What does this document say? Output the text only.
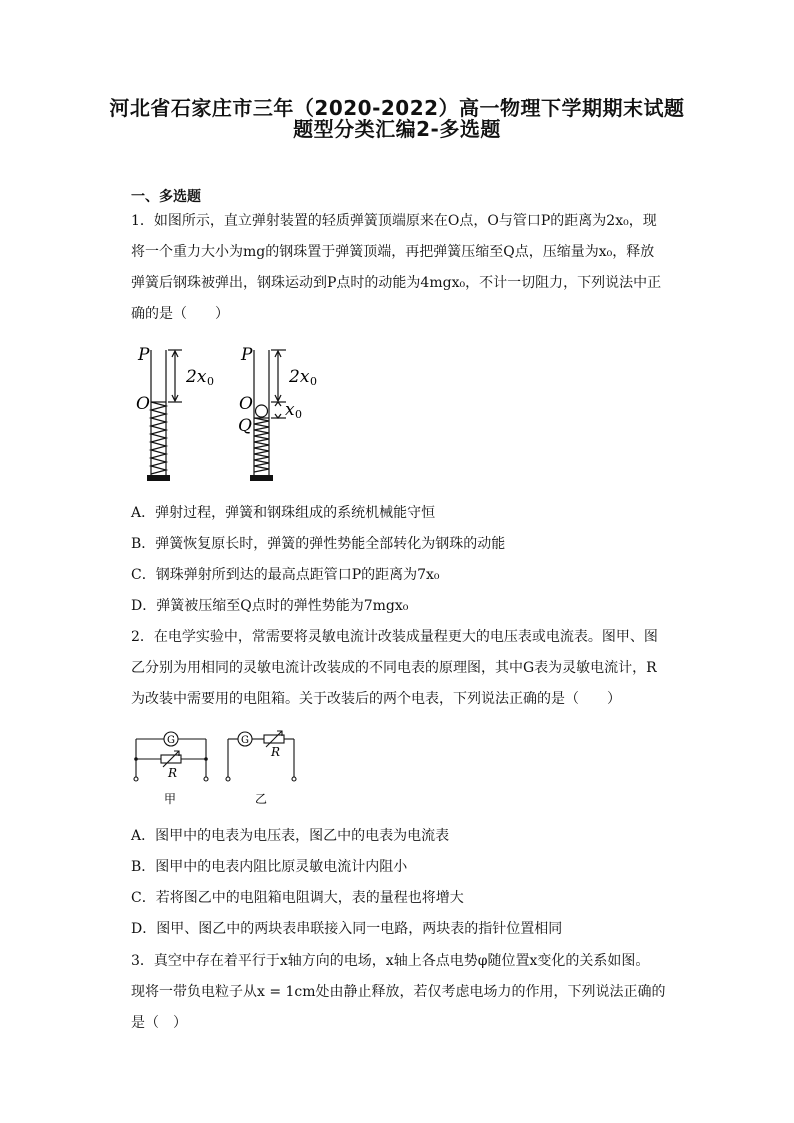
河北省石家庄市三年（2020-2022）高一物理下学期期末试题
题型分类汇编2-多选题
一、多选题
1．如图所示，直立弹射装置的轻质弹簧顶端原来在O点，O与管口P的距离为2x₀，现
将一个重力大小为mg的钢珠置于弹簧顶端，再把弹簧压缩至Q点，压缩量为x₀，释放
弹簧后钢珠被弹出，钢珠运动到P点时的动能为4mgx₀，不计一切阻力，下列说法中正
确的是（　　）
P
O
2x 0
P
O
Q
2x 0
x 0
A．弹射过程，弹簧和钢珠组成的系统机械能守恒
B．弹簧恢复原长时，弹簧的弹性势能全部转化为钢珠的动能
C．钢珠弹射所到达的最高点距管口P的距离为7x₀
D．弹簧被压缩至Q点时的弹性势能为7mgx₀
2．在电学实验中，常需要将灵敏电流计改装成量程更大的电压表或电流表。图甲、图
乙分别为用相同的灵敏电流计改装成的不同电表的原理图，其中G表为灵敏电流计，R
为改装中需要用的电阻箱。关于改装后的两个电表，下列说法正确的是（　　）
G
R
甲
G
R
乙
A．图甲中的电表为电压表，图乙中的电表为电流表
B．图甲中的电表内阻比原灵敏电流计内阻小
C．若将图乙中的电阻箱电阻调大，表的量程也将增大
D．图甲、图乙中的两块表串联接入同一电路，两块表的指针位置相同
3．真空中存在着平行于x轴方向的电场，x轴上各点电势φ随位置x变化的关系如图。
现将一带负电粒子从x = 1cm处由静止释放，若仅考虑电场力的作用，下列说法正确的
是（　）
